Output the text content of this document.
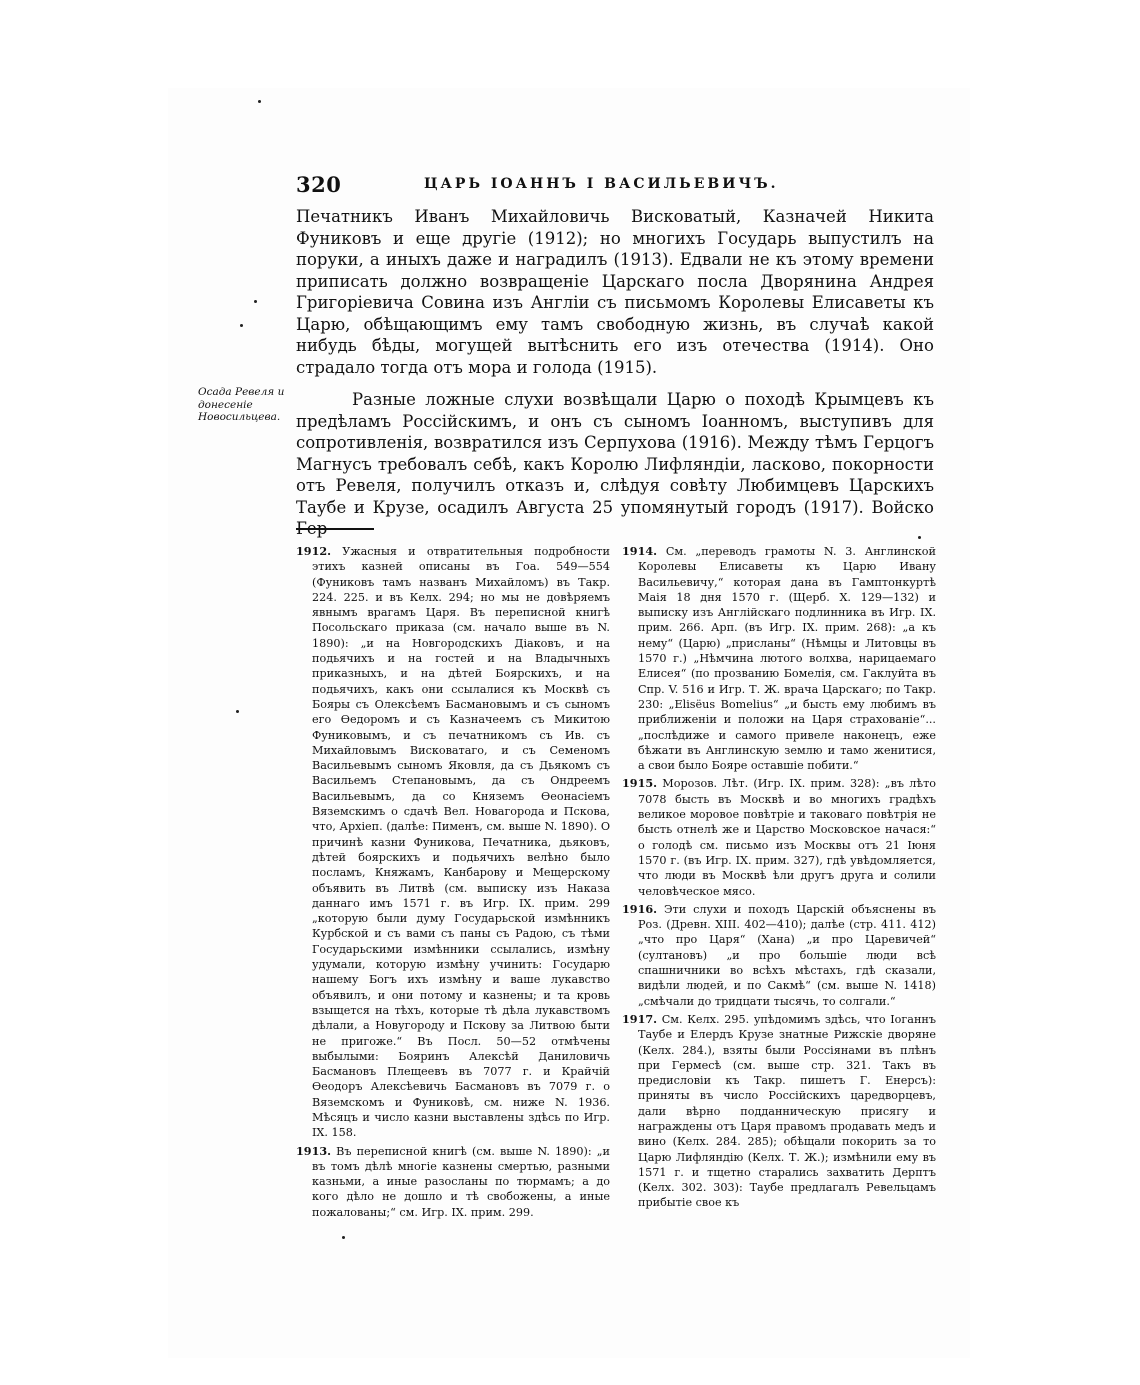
320	ЦАРЬ ІОАННЪ І ВАСИЛЬЕВИЧЪ.

Печатникъ Иванъ Михайловичь Висковатый, Казначей Никита Фуниковъ и еще другіе (1912); но многихъ Государь выпустилъ на поруки, а иныхъ даже и наградилъ (1913). Едвали не къ этому времени приписать должно возвращеніе Царскаго посла Дворянина Андрея Григоріевича Совина изъ Англіи съ письмомъ Королевы Елисаветы къ Царю, обѣщающимъ ему тамъ свободную жизнь, въ случаѣ какой нибудь бѣды, могущей вытѣснить его изъ отечества (1914). Оно страдало тогда отъ мора и голода (1915).

Разные ложные слухи возвѣщали Царю о походѣ Крымцевъ къ предѣламъ Россійскимъ, и онъ съ сыномъ Іоанномъ, выступивъ для сопротивленія, возвратился изъ Серпухова (1916). Между тѣмъ Герцогъ Магнусъ требовалъ себѣ, какъ Королю Лифляндіи, ласково, покорности отъ Ревеля, получилъ отказъ и, слѣдуя совѣту Любимцевъ Царскихъ Таубе и Крузе, осадилъ Августа 25 упомянутый городъ (1917). Войско Гер-

Осада Ревеля и донесеніе Новосильцева.

1912. Ужасныя и отвратительныя подробности этихъ казней описаны въ Гоа. 549—554 (Фуниковъ тамъ названъ Михайломъ) въ Такр. 224. 225. и въ Келх. 294; но мы не довѣряемъ явнымъ врагамъ Царя. Въ переписной книгѣ Посольскаго приказа (см. начало выше въ N. 1890): „и на Новгородскихъ Діаковъ, и на подьячихъ и на гостей и на Владычныхъ приказныхъ, и на дѣтей Боярскихъ, и на подьячихъ, какъ они ссылалися къ Москвѣ съ Бояры съ Олексѣемъ Басмановымъ и съ сыномъ его Ѳедоромъ и съ Казначеемъ съ Микитою Фуниковымъ, и съ печатникомъ съ Ив. съ Михайловымъ Висковатаго, и съ Семеномъ Васильевымъ сыномъ Яковля, да съ Дьякомъ съ Васильемъ Степановымъ, да съ Ондреемъ Васильевымъ, да со Княземъ Ѳеонасіемъ Вяземскимъ о сдачѣ Вел. Новагорода и Пскова, что, Архіеп. (далѣе: Пименъ, см. выше N. 1890). О причинѣ казни Фуникова, Печатника, дьяковъ, дѣтей боярскихъ и подьячихъ велѣно было посламъ, Княжамъ, Канбарову и Мещерскому объявить въ Литвѣ (см. выписку изъ Наказа даннаго имъ 1571 г. въ Игр. IX. прим. 299 „которую были думу Государьской измѣнникъ Курбской и съ вами съ паны съ Радою, съ тѣми Государьскими измѣнники ссылались, измѣну удумали, которую измѣну учинить: Государю нашему Богъ ихъ измѣну и ваше лукавство объявилъ, и они потому и казнены; и та кровь взыщется на тѣхъ, которые тѣ дѣла лукавствомъ дѣлали, а Новугороду и Пскову за Литвою быти не пригоже.“ Въ Посл. 50—52 отмѣчены выбылыми: Бояринъ Алексѣй Даниловичь Басмановъ Плещеевъ въ 7077 г. и Крайчій Ѳеодоръ Алексѣевичь Басмановъ въ 7079 г. о Вяземскомъ и Фуниковѣ, см. ниже N. 1936. Мѣсяцъ и число казни выставлены здѣсь по Игр. IX. 158.

1913. Въ переписной книгѣ (см. выше N. 1890): „и въ томъ дѣлѣ многіе казнены смертью, разными казньми, а иные разосланы по тюрмамъ; а до кого дѣло не дошло и тѣ свобожены, а иные пожалованы;“ см. Игр. IX. прим. 299.

1914. См. „переводъ грамоты N. 3. Англинской Королевы Елисаветы къ Царю Ивану Васильевичу,“ которая дана въ Гамптонкуртѣ Маія 18 дня 1570 г. (Щерб. X. 129—132) и выписку изъ Англійскаго подлинника въ Игр. IX. прим. 266. Арп. (въ Игр. IX. прим. 268): „а къ нему“ (Царю) „присланы“ (Нѣмцы и Литовцы въ 1570 г.) „Нѣмчина лютого волхва, нарицаемаго Елисея“ (по прозванию Бомелія, см. Гаклуйта въ Спр. V. 516 и Игр. Т. Ж. врача Царскаго; по Такр. 230: „Elisëus Bomelius“ „и бысть ему любимъ въ приближеніи и положи на Царя страхованіе“... „послѣдиже и самого привеле наконецъ, еже бѣжати въ Англинскую землю и тамо женитися, а свои было Бояре оставшіе побити.“

1915. Морозов. Лѣт. (Игр. IX. прим. 328): „въ лѣто 7078 бысть въ Москвѣ и во многихъ градѣхъ великое моровое повѣтріе и таковаго повѣтрія не бысть отнелѣ же и Царство Московское начася:“ о голодѣ см. письмо изъ Москвы отъ 21 Іюня 1570 г. (въ Игр. IX. прим. 327), гдѣ увѣдомляется, что люди въ Москвѣ ѣли другъ друга и солили человѣческое мясо.

1916. Эти слухи и походъ Царскій объяснены въ Роз. (Древн. XIII. 402—410); далѣе (стр. 411. 412) „что про Царя“ (Хана) „и про Царевичей“ (султановъ) „и про большіе люди всѣ спашничники во всѣхъ мѣстахъ, гдѣ сказали, видѣли людей, и по Сакмѣ“ (см. выше N. 1418) „смѣчали до тридцати тысячь, то солгали.“

1917. См. Келх. 295. упѣдомимъ здѣсь, что Іоганнъ Таубе и Елердъ Крузе знатные Рижскіе дворяне (Келх. 284.), взяты были Россіянами въ плѣнъ при Гермесѣ (см. выше стр. 321. Такъ въ предисловіи къ Такр. пишетъ Г. Енерсъ): приняты въ число Россійскихъ царедворцевъ, дали вѣрно подданническую присягу и награждены отъ Царя правомъ продавать медъ и вино (Келх. 284. 285); обѣщали покорить за то Царю Лифляндію (Келх. Т. Ж.); измѣнили ему въ 1571 г. и тщетно старались захватить Дерптъ (Келх. 302. 303): Таубе предлагалъ Ревельцамъ прибытіе свое къ
